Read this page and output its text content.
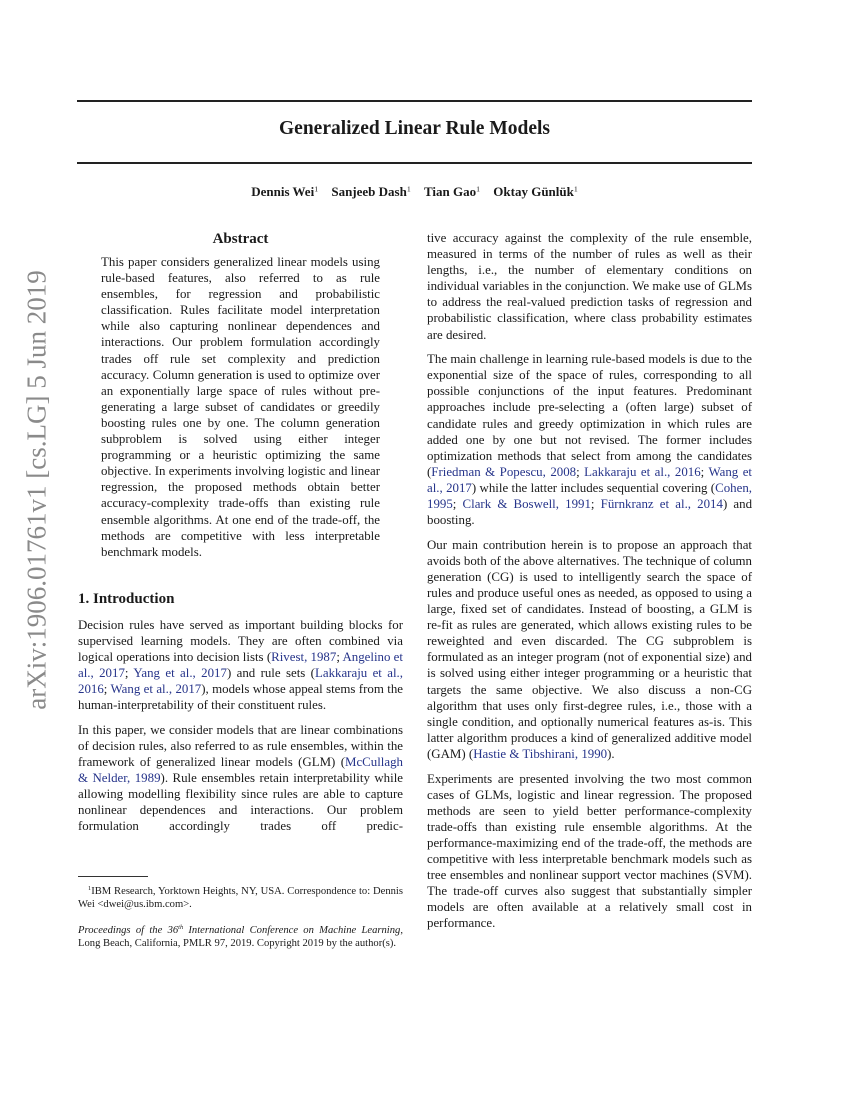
arXiv:1906.01761v1 [cs.LG] 5 Jun 2019
Generalized Linear Rule Models
Dennis Wei$^1$ Sanjeeb Dash$^1$ Tian Gao$^1$ Oktay Günlük$^1$
Abstract

This paper considers generalized linear models using rule-based features, also referred to as rule ensembles, for regression and probabilistic classification. Rules facilitate model interpretation while also capturing nonlinear dependences and interactions. Our problem formulation accordingly trades off rule set complexity and prediction accuracy. Column generation is used to optimize over an exponentially large space of rules without pre-generating a large subset of candidates or greedily boosting rules one by one. The column generation subproblem is solved using either integer programming or a heuristic optimizing the same objective. In experiments involving logistic and linear regression, the proposed methods obtain better accuracy-complexity trade-offs than existing rule ensemble algorithms. At one end of the trade-off, the methods are competitive with less interpretable benchmark models.

1. Introduction

Decision rules have served as important building blocks for supervised learning models. They are often combined via logical operations into decision lists (Rivest, 1987; Angelino et al., 2017; Yang et al., 2017) and rule sets (Lakkaraju et al., 2016; Wang et al., 2017), models whose appeal stems from the human-interpretability of their constituent rules.

In this paper, we consider models that are linear combinations of decision rules, also referred to as rule ensembles, within the framework of generalized linear models (GLM) (McCullagh & Nelder, 1989). Rule ensembles retain interpretability while allowing modelling flexibility since rules are able to capture nonlinear dependences and interactions. Our problem formulation accordingly trades off predic-

$^1$IBM Research, Yorktown Heights, NY, USA. Correspondence to: Dennis Wei <dwei@us.ibm.com>.

Proceedings of the 36th International Conference on Machine Learning, Long Beach, California, PMLR 97, 2019. Copyright 2019 by the author(s).

tive accuracy against the complexity of the rule ensemble, measured in terms of the number of rules as well as their lengths, i.e., the number of elementary conditions on individual variables in the conjunction. We make use of GLMs to address the real-valued prediction tasks of regression and probabilistic classification, where class probability estimates are desired.

The main challenge in learning rule-based models is due to the exponential size of the space of rules, corresponding to all possible conjunctions of the input features. Predominant approaches include pre-selecting a (often large) subset of candidate rules and greedy optimization in which rules are added one by one but not revised. The former includes optimization methods that select from among the candidates (Friedman & Popescu, 2008; Lakkaraju et al., 2016; Wang et al., 2017) while the latter includes sequential covering (Cohen, 1995; Clark & Boswell, 1991; Fürnkranz et al., 2014) and boosting.

Our main contribution herein is to propose an approach that avoids both of the above alternatives. The technique of column generation (CG) is used to intelligently search the space of rules and produce useful ones as needed, as opposed to using a large, fixed set of candidates. Instead of boosting, a GLM is re-fit as rules are generated, which allows existing rules to be reweighted and even discarded. The CG subproblem is formulated as an integer program (not of exponential size) and is solved using either integer programming or a heuristic that targets the same objective. We also discuss a non-CG algorithm that uses only first-degree rules, i.e., those with a single condition, and optionally numerical features as-is. This latter algorithm produces a kind of generalized additive model (GAM) (Hastie & Tibshirani, 1990).

Experiments are presented involving the two most common cases of GLMs, logistic and linear regression. The proposed methods are seen to yield better performance-complexity trade-offs than existing rule ensemble algorithms. At the performance-maximizing end of the trade-off, the methods are competitive with less interpretable benchmark models such as tree ensembles and nonlinear support vector machines (SVM). The trade-off curves also suggest that substantially simpler models are often available at a relatively small cost in performance.
